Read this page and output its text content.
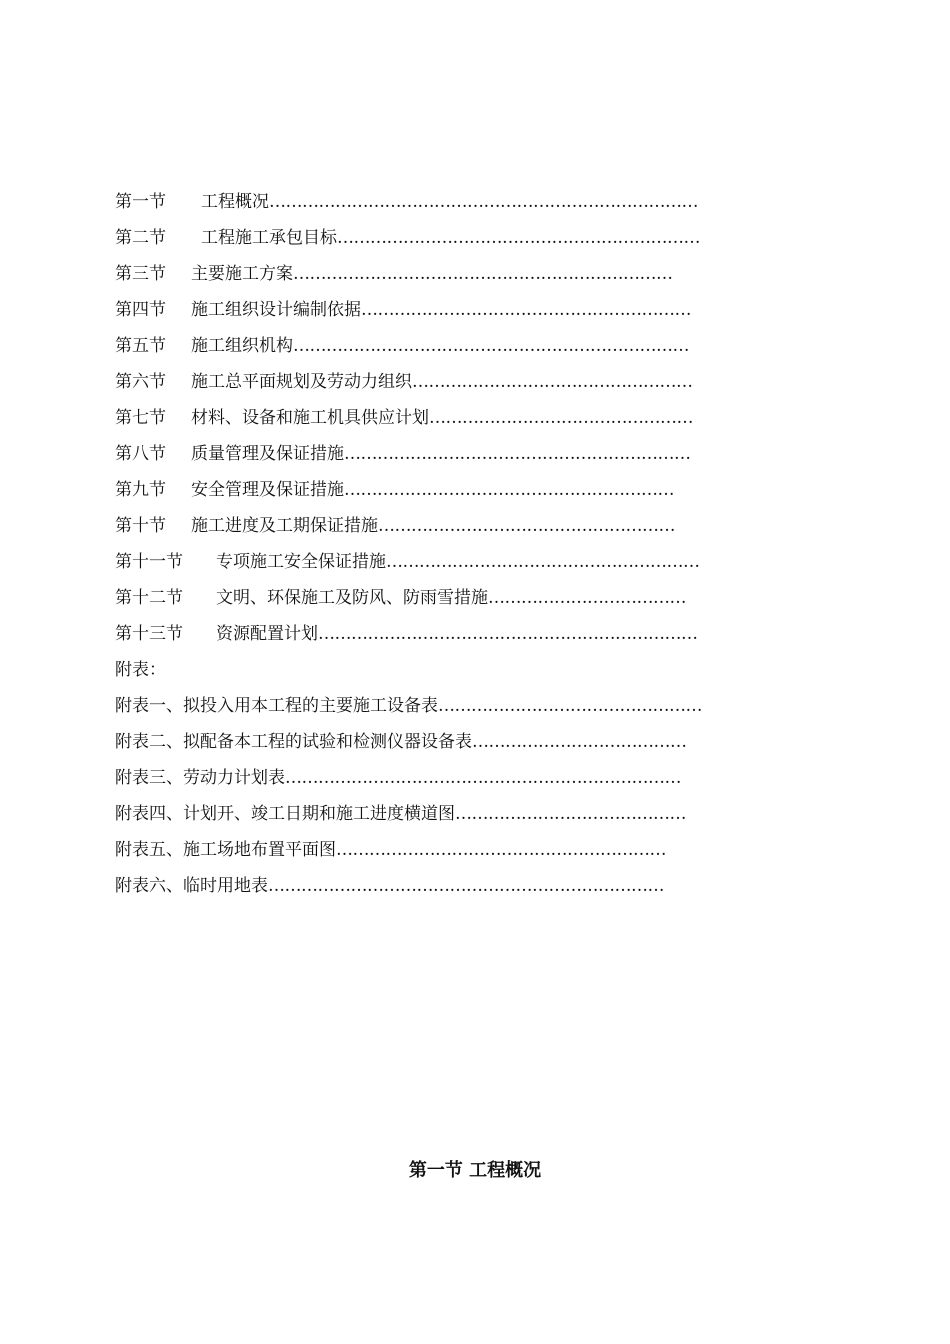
第一节 工程概况……………………………………………………………………
第二节 工程施工承包目标…………………………………………………………
第三节 主要施工方案……………………………………………………………
第四节 施工组织设计编制依据……………………………………………………
第五节 施工组织机构………………………………………………………………
第六节 施工总平面规划及劳动力组织……………………………………………
第七节 材料、设备和施工机具供应计划…………………………………………
第八节 质量管理及保证措施………………………………………………………
第九节 安全管理及保证措施……………………………………………………
第十节 施工进度及工期保证措施………………………………………………
第十一节 专项施工安全保证措施…………………………………………………
第十二节 文明、环保施工及防风、防雨雪措施………………………………
第十三节 资源配置计划……………………………………………………………
附表：
附表一、拟投入用本工程的主要施工设备表…………………………………………
附表二、拟配备本工程的试验和检测仪器设备表…………………………………
附表三、劳动力计划表………………………………………………………………
附表四、计划开、竣工日期和施工进度横道图……………………………………
附表五、施工场地布置平面图……………………………………………………
附表六、临时用地表………………………………………………………………
第一节 工程概况
